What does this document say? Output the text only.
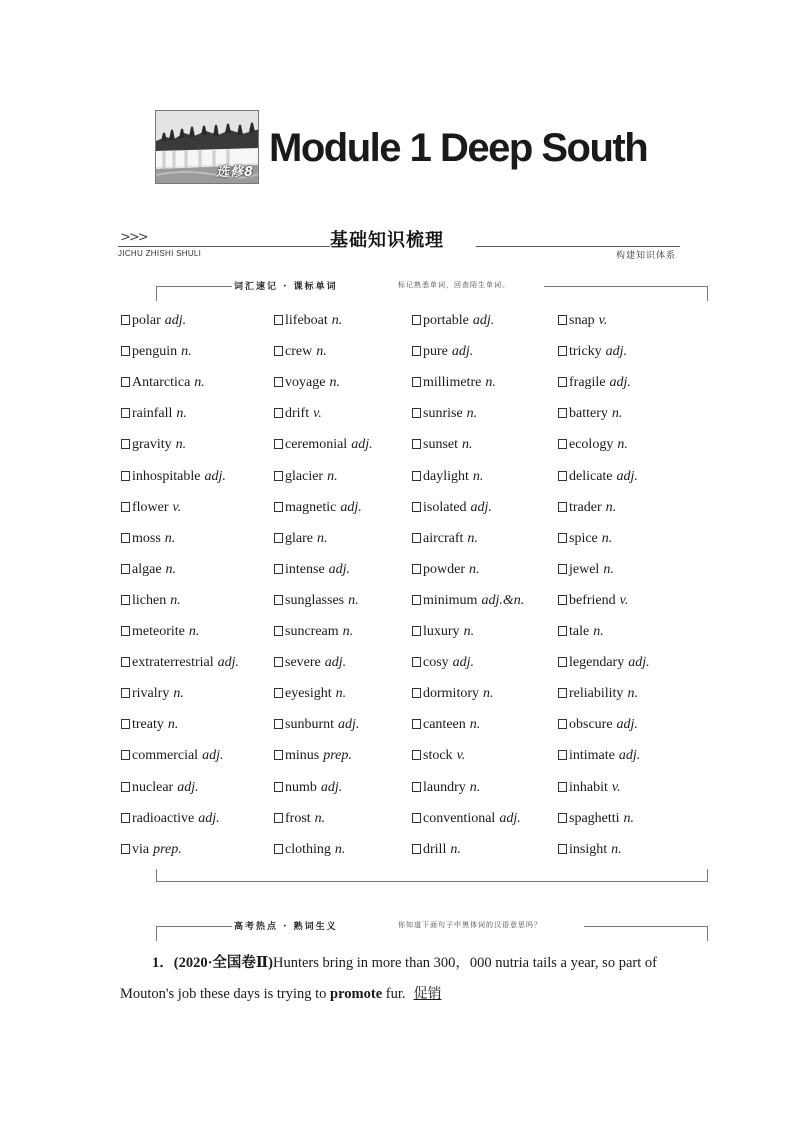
选修8
Module 1 Deep South
>>>
JICHU ZHISHI SHULI
基础知识梳理
构建知识体系
词汇速记 · 课标单词	标记熟悉单词，回查陌生单词。
polar adj.
penguin n.
Antarctica n.
rainfall n.
gravity n.
inhospitable adj.
flower v.
moss n.
algae n.
lichen n.
meteorite n.
extraterrestrial adj.
rivalry n.
treaty n.
commercial adj.
nuclear adj.
radioactive adj.
via prep.
lifeboat n.
crew n.
voyage n.
drift v.
ceremonial adj.
glacier n.
magnetic adj.
glare n.
intense adj.
sunglasses n.
suncream n.
severe adj.
eyesight n.
sunburnt adj.
minus prep.
numb adj.
frost n.
clothing n.
portable adj.
pure adj.
millimetre n.
sunrise n.
sunset n.
daylight n.
isolated adj.
aircraft n.
powder n.
minimum adj.&n.
luxury n.
cosy adj.
dormitory n.
canteen n.
stock v.
laundry n.
conventional adj.
drill n.
snap v.
tricky adj.
fragile adj.
battery n.
ecology n.
delicate adj.
trader n.
spice n.
jewel n.
befriend v.
tale n.
legendary adj.
reliability n.
obscure adj.
intimate adj.
inhabit v.
spaghetti n.
insight n.
高考热点 · 熟词生义	你知道下面句子中黑体词的汉语意思吗？
1．(2020·全国卷Ⅱ)Hunters bring in more than 300，000 nutria tails a year, so part of Mouton's job these days is trying to promote fur. 促销
